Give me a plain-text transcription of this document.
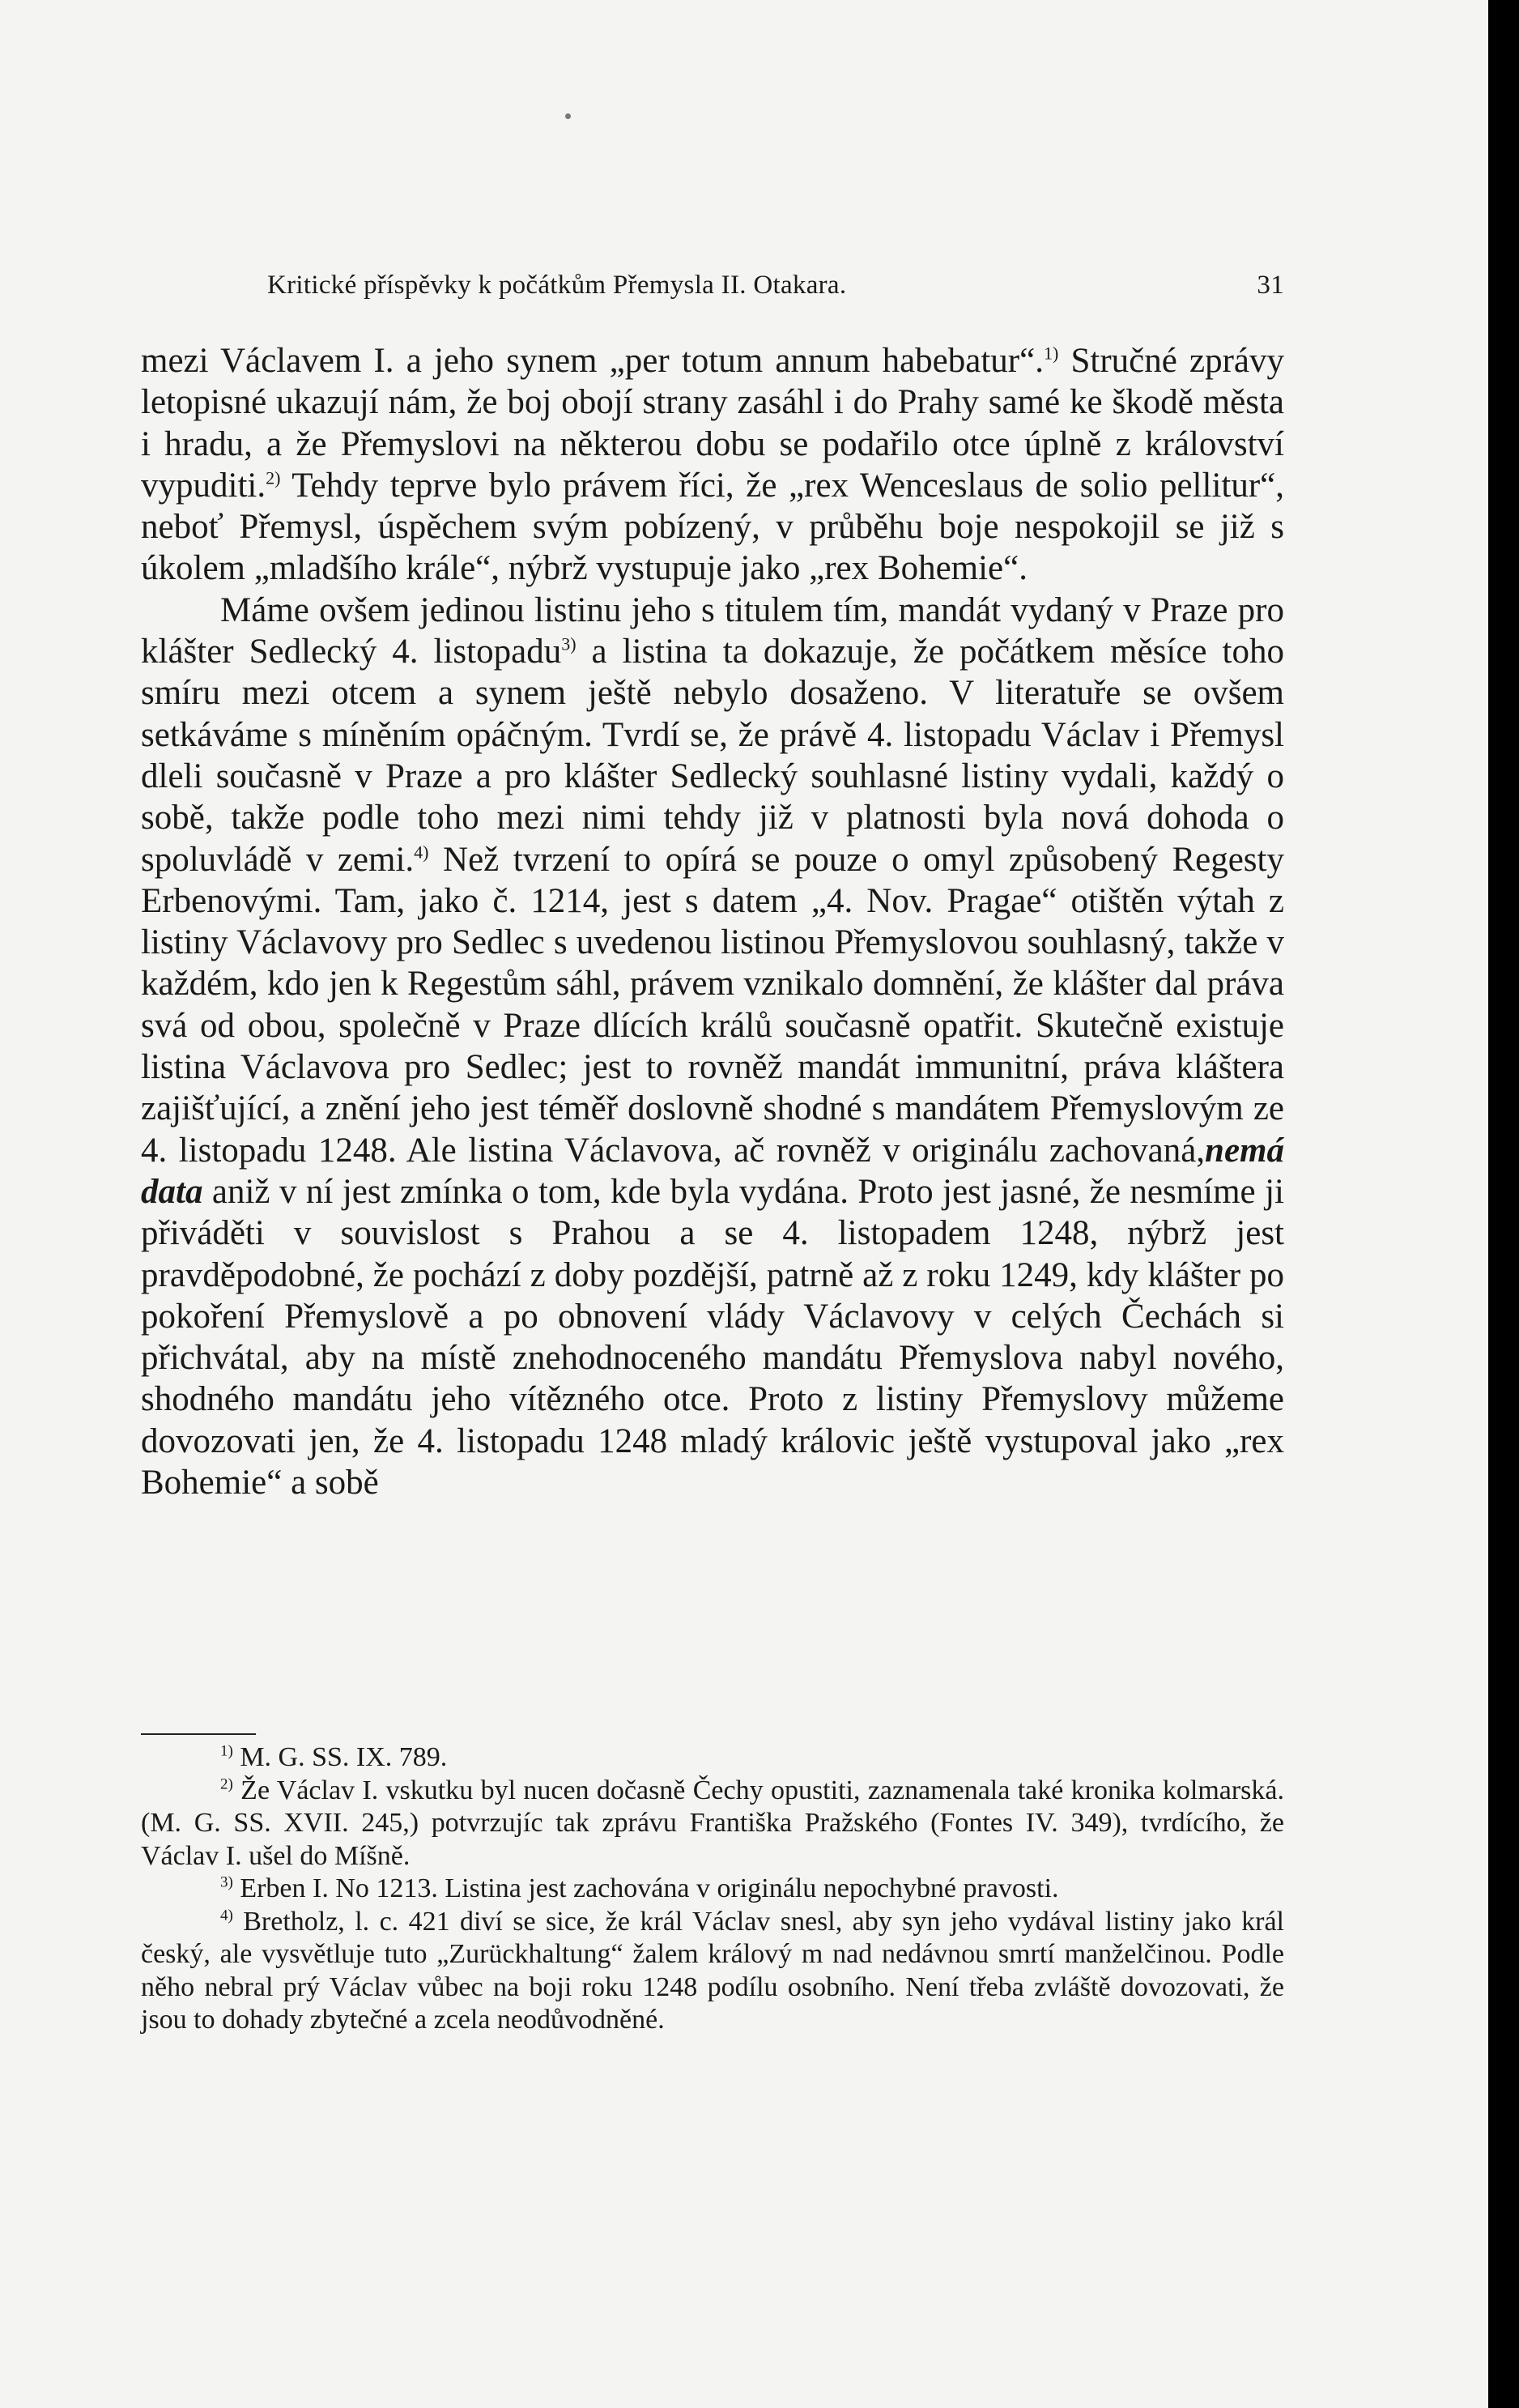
Kritické příspěvky k počátkům Přemysla II. Otakara.	31

mezi Václavem I. a jeho synem „per totum annum habebatur“.$^{1)}$ Stručné zprávy letopisné ukazují nám, že boj obojí strany zasáhl i do Prahy samé ke škodě města i hradu, a že Přemyslovi na některou dobu se podařilo otce úplně z království vypuditi.$^{2)}$ Tehdy teprve bylo právem říci, že „rex Wenceslaus de solio pellitur“, neboť Přemysl, úspěchem svým pobízený, v průběhu boje nespokojil se již s úkolem „mladšího krále“, nýbrž vystupuje jako „rex Bohemie“.

Máme ovšem jedinou listinu jeho s titulem tím, mandát vydaný v Praze pro klášter Sedlecký 4. listopadu$^{3)}$ a listina ta dokazuje, že počátkem měsíce toho smíru mezi otcem a synem ještě nebylo dosaženo. V literatuře se ovšem setkáváme s míněním opáčným. Tvrdí se, že právě 4. listopadu Václav i Přemysl dleli současně v Praze a pro klášter Sedlecký souhlasné listiny vydali, každý o sobě, takže podle toho mezi nimi tehdy již v platnosti byla nová dohoda o spoluvládě v zemi.$^{4)}$ Než tvrzení to opírá se pouze o omyl způsobený Regesty Erbenovými. Tam, jako č. 1214, jest s datem „4. Nov. Pragae“ otištěn výtah z listiny Václavovy pro Sedlec s uvedenou listinou Přemyslovou souhlasný, takže v každém, kdo jen k Regestům sáhl, právem vznikalo domnění, že klášter dal práva svá od obou, společně v Praze dlících králů současně opatřit. Skutečně existuje listina Václavova pro Sedlec; jest to rovněž mandát immunitní, práva kláštera zajišťující, a znění jeho jest téměř doslovně shodné s mandátem Přemyslovým ze 4. listopadu 1248. Ale listina Václavova, ač rovněž v originálu zachovaná,nemá data aniž v ní jest zmínka o tom, kde byla vydána. Proto jest jasné, že nesmíme ji přiváděti v souvislost s Prahou a se 4. listopadem 1248, nýbrž jest pravděpodobné, že pochází z doby pozdější, patrně až z roku 1249, kdy klášter po pokoření Přemyslově a po obnovení vlády Václavovy v celých Čechách si přichvátal, aby na místě znehodnoceného mandátu Přemyslova nabyl nového, shodného mandátu jeho vítězného otce. Proto z listiny Přemyslovy můžeme dovozovati jen, že 4. listopadu 1248 mladý královic ještě vystupoval jako „rex Bohemie“ a sobě

$^{1)}$ M. G. SS. IX. 789.

$^{2)}$ Že Václav I. vskutku byl nucen dočasně Čechy opustiti, zaznamenala také kronika kolmarská. (M. G. SS. XVII. 245,) potvrzujíc tak zprávu Františka Pražského (Fontes IV. 349), tvrdícího, že Václav I. ušel do Míšně.

$^{3)}$ Erben I. No 1213. Listina jest zachována v originálu nepochybné pravosti.

$^{4)}$ Bretholz, l. c. 421 diví se sice, že král Václav snesl, aby syn jeho vydával listiny jako král český, ale vysvětluje tuto „Zurückhaltung“ žalem králový m nad nedávnou smrtí manželčinou. Podle něho nebral prý Václav vůbec na boji roku 1248 podílu osobního. Není třeba zvláště dovozovati, že jsou to dohady zbytečné a zcela neodůvodněné.
